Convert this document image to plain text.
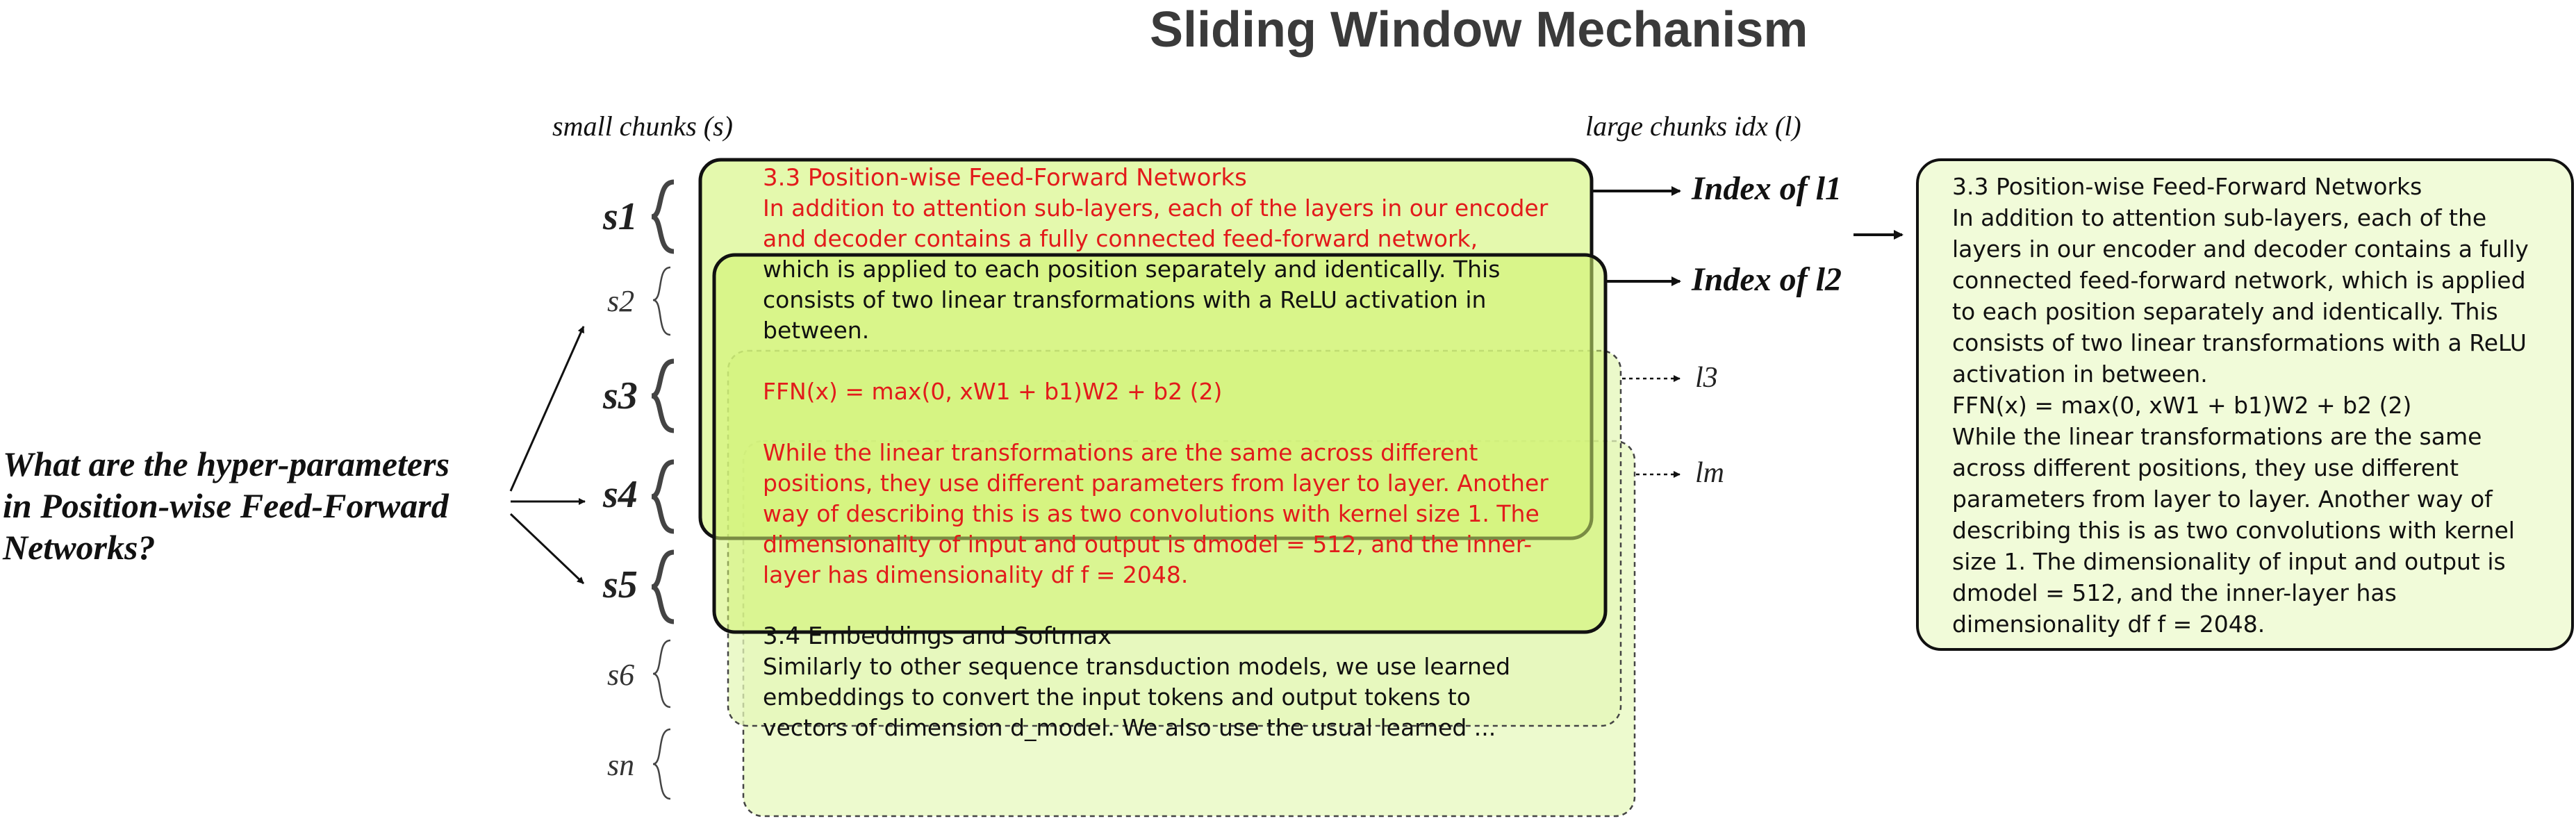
Sliding Window Mechanism
small chunks (s)	large chunks idx (l)
s1
s2
s3
s4
s5
s6
sn
What are the hyper-parameters
in Position-wise Feed-Forward
Networks?
3.3 Position-wise Feed-Forward Networks
In addition to attention sub-layers, each of the layers in our encoder
and decoder contains a fully connected feed-forward network,
which is applied to each position separately and identically. This
consists of two linear transformations with a ReLU activation in
between.
FFN(x) = max(0, xW1 + b1)W2 + b2 (2)
While the linear transformations are the same across different
positions, they use different parameters from layer to layer. Another
way of describing this is as two convolutions with kernel size 1. The
dimensionality of input and output is dmodel = 512, and the inner-
layer has dimensionality df f = 2048.
3.4 Embeddings and Softmax
Similarly to other sequence transduction models, we use learned
embeddings to convert the input tokens and output tokens to
vectors of dimension d_model. We also use the usual learned ...
Index of l1
Index of l2
l3
lm
3.3 Position-wise Feed-Forward Networks
In addition to attention sub-layers, each of the
layers in our encoder and decoder contains a fully
connected feed-forward network, which is applied
to each position separately and identically. This
consists of two linear transformations with a ReLU
activation in between.
FFN(x) = max(0, xW1 + b1)W2 + b2 (2)
While the linear transformations are the same
across different positions, they use different
parameters from layer to layer. Another way of
describing this is as two convolutions with kernel
size 1. The dimensionality of input and output is
dmodel = 512, and the inner-layer has
dimensionality df f = 2048.
